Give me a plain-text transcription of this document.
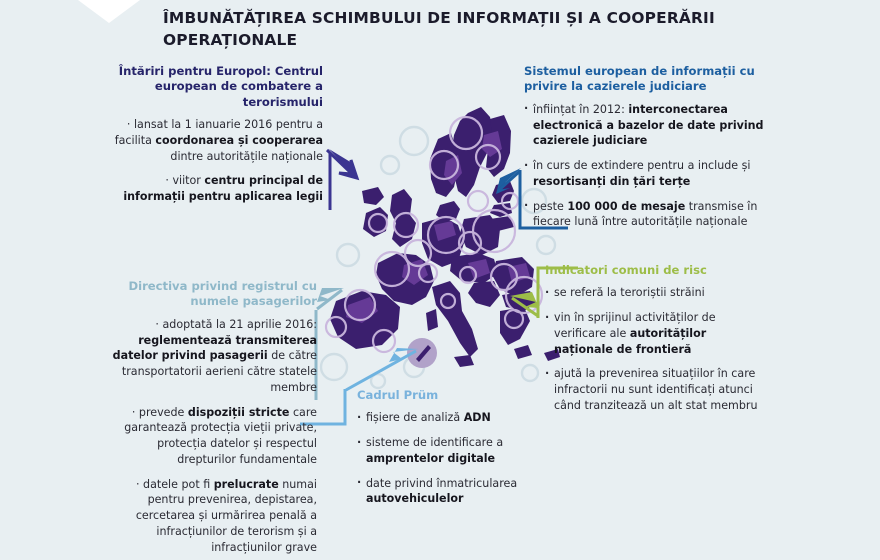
ÎMBUNĂTĂȚIREA SCHIMBULUI DE INFORMAȚII ȘI A COOPERĂRII OPERAȚIONALE
Întăriri pentru Europol: Centrul european de combatere a terorismului
· lansat la 1 ianuarie 2016 pentru a facilita coordonarea și cooperarea dintre autoritățile naționale
· viitor centru principal de informații pentru aplicarea legii
Sistemul european de informații cu privire la cazierele judiciare
· înființat în 2012: interconectarea electronică a bazelor de date privind cazierele judiciare
· în curs de extindere pentru a include și resortisanți din țări terțe
· peste 100 000 de mesaje transmise în fiecare lună între autoritățile naționale
Directiva privind registrul cu numele pasagerilor
· adoptată la 21 aprilie 2016: reglementează transmiterea datelor privind pasagerii de către transportatorii aerieni către statele membre
· prevede dispoziții stricte care garantează protecția vieții private, protecția datelor și respectul drepturilor fundamentale
· datele pot fi prelucrate numai pentru prevenirea, depistarea, cercetarea și urmărirea penală a infracțiunilor de terorism și a infracțiunilor grave
Indicatori comuni de risc
· se referă la teroriștii străini
· vin în sprijinul activităților de verificare ale autorităților naționale de frontieră
· ajută la prevenirea situațiilor în care infractorii nu sunt identificați atunci când tranzitează un alt stat membru
Cadrul Prüm
· fișiere de analiză ADN
· sisteme de identificare a amprentelor digitale
· date privind înmatricularea autovehiculelor
